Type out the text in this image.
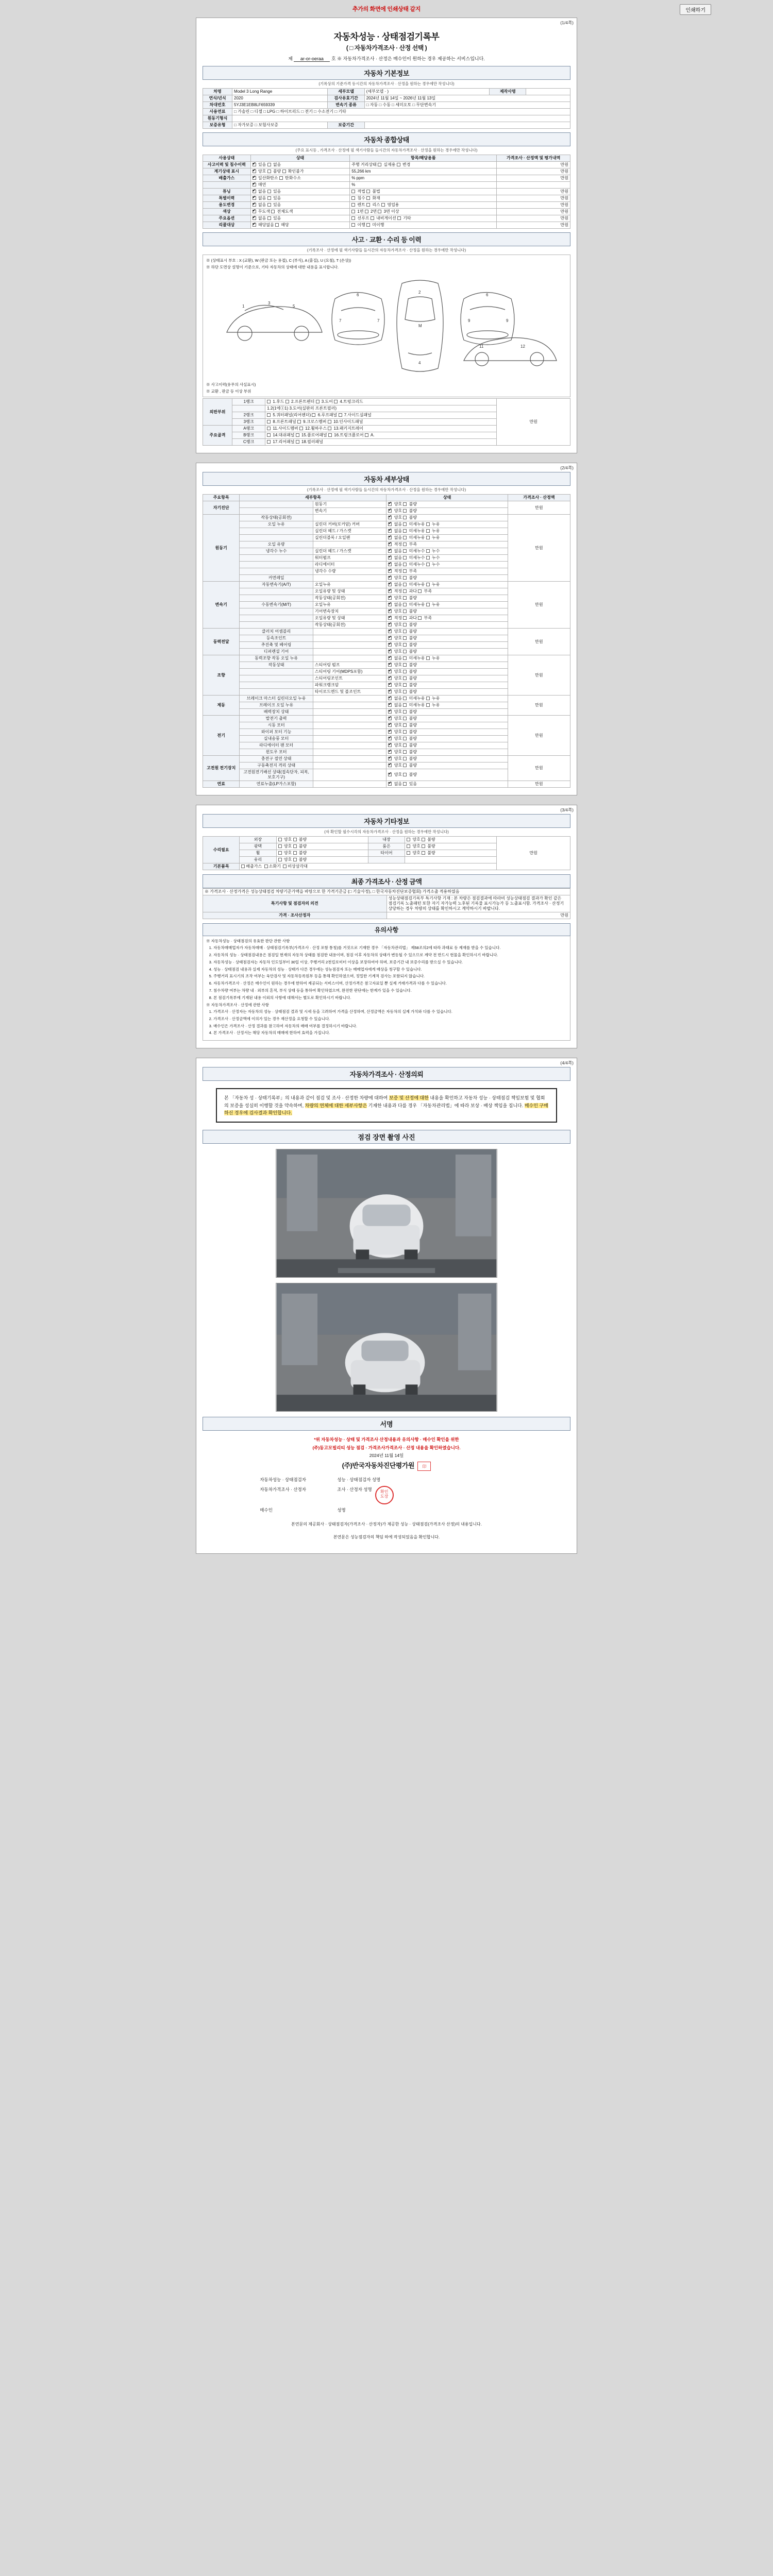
추가의 화면에 인쇄상태 같지	인쇄하기
(1/4쪽)
자동차성능 · 상태점검기록부
( □ 자동차가격조사 · 산정 선택 )
제 ar-or-oeraa 호 ※ 자동차가격조사 · 산정은 매수인이 원하는 경우 제공하는 서비스입니다.
자동차 기본정보
(기록상의 기준가격 등시간의 자동차가격조사 · 산정을 원하는 경우에만 작성니다)
차명	Model 3 Long Range	세부모델	(세부모델 · )	제작사명	
연식/년식	2020	검사유효기간	2024년 11월 14일 ~ 2026년 11월 13일		
차대번호	5YJ3E1EB8LF659339	변속기 종류	□ 자동 □ 수동 □ 세미오토 □ 무단변속기		
사용연료	□ 가솔린 □ 디젤 □ LPG □ 하이브리드 □ 전기 □ 수소전기 □ 기타				
원동기형식					
보증유형	□ 자가보증 □ 보험사보증	보증기간			
자동차 종합상태
(주요 표시등 , 가격조사 · 산정에 필 색기사람들 들시간의 자동차가격조사 · 산정을 원하는 경우에만 작성니다)
사용상태	상태	항목/해당용품	가격조사 · 산정액 및 평가내역
사고이력 및 침수이력	✔ 있음  없음	주행 거리상태  실제용  변경	만원
계기상태 표시	✔ 양호  불량  확인불가	55,266 km	만원
배출가스	✔ 일산화탄소  탄화수소	% ppm	만원
	✔ 매연	%	
튜닝	✔ 없음  있음	적법  불법	만원
특별이력	✔ 없음  있음	침수  화재	만원
용도변경	✔ 없음  있음	렌트  리스  영업용	만원
색상	✔ 무도색  전체도색	1면  2면  3면 이상	만원
주요옵션	✔ 없음  있음	선루프  내비게이션  기타	만원
리콜대상	✔ 해당없음  해당	이행  미이행	만원
사고 · 교환 · 수리 등 이력
(기록조사 · 산정에 필 색기사람들 들시간의 자동차가격조사 · 산정을 원하는 경우에만 작성니다)
※ (상태표시 부호 : X (교환), W (판금 또는 용접), C (부식), A (흠집), U (요철), T (손상))
※ 하단 도면상 설명이 기준으로, 기타 자동차의 상태에 대한 내용을 표시합니다.
1
3
5
6
7	7
2
M
4
6
9	9
11	12
※ 사고이력(유무의 사실표시)
※ 교환 , 판금 등 이상 부위
외판부위	1랭크	1.후드  2.프론트펜더  3.도어  4.트렁크리드	만원
		1.2(1에①1) 3.도어(실판의 프론트필러)	
	2랭크	5.쿼터패널(리어펜더)  6.루프패널  7.사이드실패널	
	3랭크	8.프론트패널  9.크로스멤버  10.인사이드패널	
주요골격	A랭크	11.사이드멤버  12.휠하우스  13.패키지트레이	
	B랭크	14.대쉬패널  15.플로어패널  16.트렁크플로어  A.	
	C랭크	17.리어패널  18.필러패널	
(2/4쪽)
자동차 세부상태
(기록조사 · 산정에 필 색기사람들 들시간의 자동차가격조사 · 산정을 원하는 경우에만 작성니다)
주요항목	세부항목		상태	가격조사 · 산정액
자기진단		원동기	✔ 양호  불량	만원
		변속기	✔ 양호  불량
원동기	작동상태(공회전)		✔ 양호  불량	만원
	오일 누유	실린더 커버(로커암) 커버	✔ 없음  미세누유  누유
		실린더 헤드 / 가스켓	✔ 없음  미세누유  누유
		실린더블록 / 오일팬	✔ 없음  미세누유  누유
	오일 유량		✔ 적정  부족
	냉각수 누수	실린더 헤드 / 가스켓	✔ 없음  미세누수  누수
		워터펌프	✔ 없음  미세누수  누수
		라디에이터	✔ 없음  미세누수  누수
		냉각수 수량	✔ 적정  부족
	커먼레일		✔ 양호  불량
변속기	자동변속기(A/T)	오일누유	✔ 없음  미세누유  누유	만원
		오일유량 및 상태	✔ 적정  과다  부족
		작동상태(공회전)	✔ 양호  불량
	수동변속기(M/T)	오일누유	✔ 없음  미세누유  누유
		기어변속장치	✔ 양호  불량
		오일유량 및 상태	✔ 적정  과다  부족
		작동상태(공회전)	✔ 양호  불량
동력전달	클러치 어셈블리		✔ 양호  불량	만원
	등속조인트		✔ 양호  불량
	추진축 및 베어링		✔ 양호  불량
	디퍼렌셜 기어		✔ 양호  불량
조향	동력조향 작동 오일 누유		✔ 없음  미세누유  누유	만원
	작동상태	스티어링 펌프	✔ 양호  불량
		스티어링 기어(MDPS포함)	✔ 양호  불량
		스티어링조인트	✔ 양호  불량
		파워크랭크암	✔ 양호  불량
		타이로드엔드 및 볼조인트	✔ 양호  불량
제동	브레이크 마스터 실린더오일 누유		✔ 없음  미세누유  누유	만원
	브레이크 오일 누유		✔ 없음  미세누유  누유
	배력장치 상태		✔ 양호  불량
전기	발전기 출력		✔ 양호  불량	만원
	시동 모터		✔ 양호  불량
	와이퍼 모터 기능		✔ 양호  불량
	실내송풍 모터		✔ 양호  불량
	라디에이터 팬 모터		✔ 양호  불량
	윈도우 모터		✔ 양호  불량
고전원 전기장치	충전구 절연 상태		✔ 양호  불량	만원
	구동축전지 격리 상태		✔ 양호  불량
	고전원전기배선 상태(접속단자, 피복, 보호기구)		✔ 양호  불량
연료	연료누출(LP가스포함)		✔ 없음  있음	만원
(3/4쪽)
자동차 기타정보
(자 확인할 필수시각의 자동차가격조사 · 산정을 원하는 경우에만 작성니다)
수리필요	외장	양호  불량	내장	양호  불량	만원
	광택	양호  불량	룸은	양호  불량	
	휠	양호  불량	타이어	양호  불량	
	유리	양호  불량			
기본품목	배출가스  소화기  비상삼각대				
최종 가격조사 · 산정 금액
※ 가격조사 · 산정가격은 성능상태점검 차량기준가액을 바탕으로 한 가격기준금 (□ 기술사정), □ 한국자동차진단보증협회) 가격소출 적용하였음	
특기사항 및 점검자의 의견	성능상태점검기록부 특기사항 기재 : 본 차량은 점검결과에 따라비 성능상태점검 결과가 확인 같은 점검기록 노출패턴 또한 자기 자가능력 노후된 기록물 표시가능가 등 노출표시함. 가격조사 · 산정기 상당하는 경우 차량의 상태를 확인하시고 계약하시기 바랍니다.
가격 · 조사산정자	만원
유의사항
※ 자동차성능 · 상태점검의 유효한 판단 관한 사항
1. 자동차매매업자가 자동차매매 · 상태점검기록부(가격조사 · 산정 포함 통칭)를 거짓으로 기재한 경우 「자동차관리법」 제58조의2에 따라 과태료 등 제재를 받을 수 있습니다.
2. 자동차의 성능 · 상태점검내용은 점검일 현재의 자동차 상태를 점검한 내용이며, 점검 이후 자동차의 상태가 변동될 수 있으므로 계약 전 반드시 현물을 확인하시기 바랍니다.
3. 자동차성능 · 상태점검자는 자동차 인도일부터 30일 이상, 주행거리 2천킬로미터 이상을 보장하여야 하며, 보증기간 내 보증수리를 받으실 수 있습니다.
4. 성능 · 상태점검 내용과 실제 자동차의 성능 · 상태가 다른 경우에는 성능점검자 또는 매매업자에게 배상을 청구할 수 있습니다.
5. 주행거리 표시기의 조작 여부는 육안검사 및 자동차등록원부 등을 통해 확인하였으며, 정밀한 기계적 검사는 포함되지 않습니다.
6. 자동차가격조사 · 산정은 매수인이 원하는 경우에 한하여 제공되는 서비스이며, 산정가격은 참고자료일 뿐 실제 거래가격과 다를 수 있습니다.
7. 침수차량 여부는 차량 내 · 외부의 흔적, 부식 상태 등을 통하여 확인하였으며, 완전한 판단에는 한계가 있을 수 있습니다.
8. 본 점검기록부에 기재된 내용 이외의 사항에 대해서는 별도로 확인하시기 바랍니다.
※ 자동차가격조사 · 산정에 관한 사항
1. 가격조사 · 산정자는 자동차의 성능 · 상태점검 결과 및 시세 등을 고려하여 가격을 산정하며, 산정금액은 자동차의 실제 가치와 다를 수 있습니다.
2. 가격조사 · 산정금액에 이의가 있는 경우 재산정을 요청할 수 있습니다.
3. 매수인은 가격조사 · 산정 결과를 참고하여 자동차의 매매 여부를 결정하시기 바랍니다.
4. 본 가격조사 · 산정서는 해당 자동차의 매매에 한하여 효력을 가집니다.
(4/4쪽)
자동차가격조사 · 산정의뢰
본 「자동차 성 · 상태기록부」의 내용과 같이 점검 및 조사 · 산정한 차량에 대하여 보증 및 산정에 대한 내용을 확인하고 자동차 성능 · 상태점검 책임보험 및 협회의 보증을 성실히 이행할 것을 약속하며, 차량의 연체에 대한 세부사항은 기재한 내용과 다를 경우 「자동차관리법」에 따라 보상 · 배상 책임을 집니다. 매수인 구매하신 경우에 검사결과 확인합니다.
점검 장면 촬영 사진
서명
*위 자동차성능 · 상태 및 가격조사 산정내용과 유의사항 · 매수인 확인을 위한
(주)동고모빌리티 성능 점검 · 가격조사가격조사 · 산정 내용을 확인하였습니다.
2024년 11월 14일
(주)반국자동차진단평가원 印
자동차성능 · 상태점검자	성능 · 상태점검자 성명
자동차가격조사 · 산정자	조사 · 산정자 성명	확인
도장
매수인	성명
본연문의 제공회사 · 상태점검자(가격조사 · 산정자)가 제공한 성능 · 상태점검(가격조사 산정)의 내용입니다.
본연문은 성능점검자의 책임 하에 작성되었음을 확인합니다.
